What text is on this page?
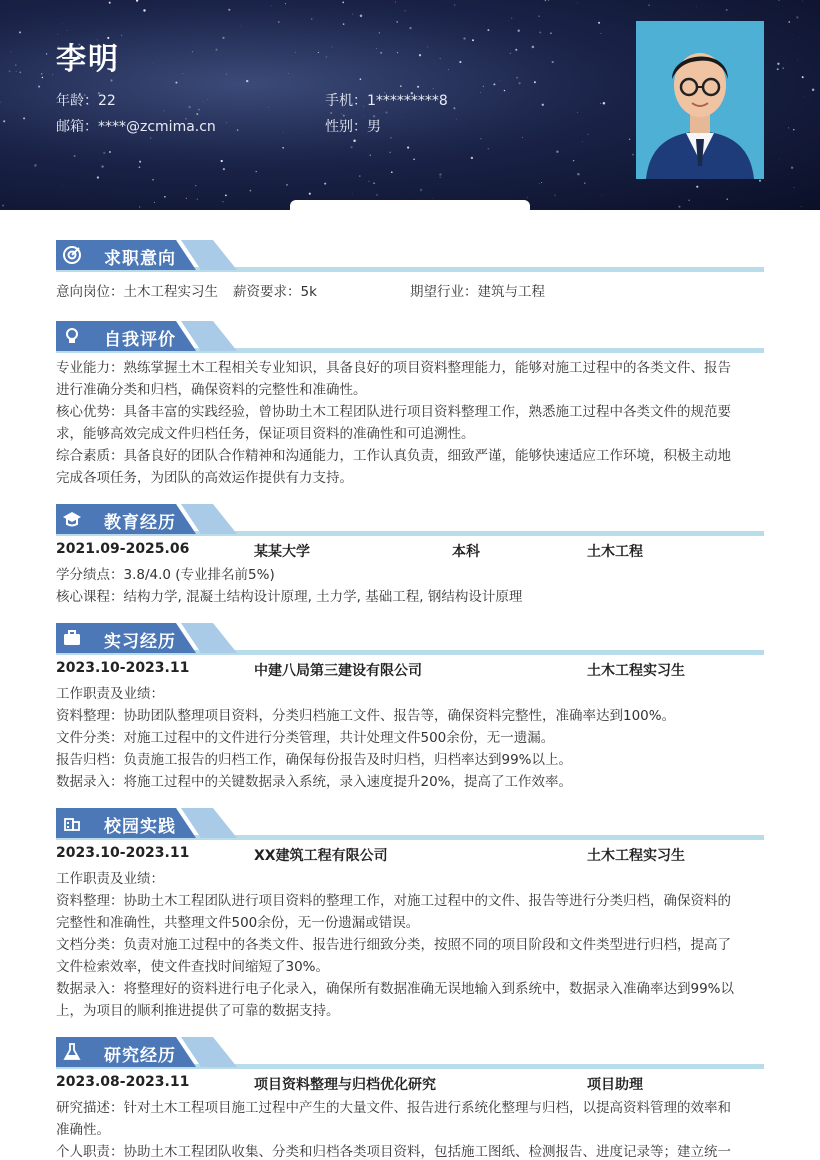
李明
年龄：22	手机：1*********8
邮箱：****@zcmima.cn	性别：男
求职意向
意向岗位：土木工程实习生	薪资要求：5k	期望行业：建筑与工程
自我评价
专业能力：熟练掌握土木工程相关专业知识，具备良好的项目资料整理能力，能够对施工过程中的各类文件、报告
进行准确分类和归档，确保资料的完整性和准确性。
核心优势：具备丰富的实践经验，曾协助土木工程团队进行项目资料整理工作，熟悉施工过程中各类文件的规范要
求，能够高效完成文件归档任务，保证项目资料的准确性和可追溯性。
综合素质：具备良好的团队合作精神和沟通能力，工作认真负责，细致严谨，能够快速适应工作环境，积极主动地
完成各项任务，为团队的高效运作提供有力支持。
教育经历
2021.09-2025.06	某某大学	本科	土木工程
学分绩点：3.8/4.0 (专业排名前5%)
核心课程：结构力学, 混凝土结构设计原理, 土力学, 基础工程, 钢结构设计原理
实习经历
2023.10-2023.11	中建八局第三建设有限公司	土木工程实习生
工作职责及业绩：
资料整理：协助团队整理项目资料，分类归档施工文件、报告等，确保资料完整性，准确率达到100%。
文件分类：对施工过程中的文件进行分类管理，共计处理文件500余份，无一遗漏。
报告归档：负责施工报告的归档工作，确保每份报告及时归档，归档率达到99%以上。
数据录入：将施工过程中的关键数据录入系统，录入速度提升20%，提高了工作效率。
校园实践
2023.10-2023.11	XX建筑工程有限公司	土木工程实习生
工作职责及业绩：
资料整理：协助土木工程团队进行项目资料的整理工作，对施工过程中的文件、报告等进行分类归档，确保资料的
完整性和准确性，共整理文件500余份，无一份遗漏或错误。
文档分类：负责对施工过程中的各类文件、报告进行细致分类，按照不同的项目阶段和文件类型进行归档，提高了
文件检索效率，使文件查找时间缩短了30%。
数据录入：将整理好的资料进行电子化录入，确保所有数据准确无误地输入到系统中，数据录入准确率达到99%以
上，为项目的顺利推进提供了可靠的数据支持。
研究经历
2023.08-2023.11	项目资料整理与归档优化研究	项目助理
研究描述：针对土木工程项目施工过程中产生的大量文件、报告进行系统化整理与归档，以提高资料管理的效率和
准确性。
个人职责：协助土木工程团队收集、分类和归档各类项目资料，包括施工图纸、检测报告、进度记录等；建立统一
